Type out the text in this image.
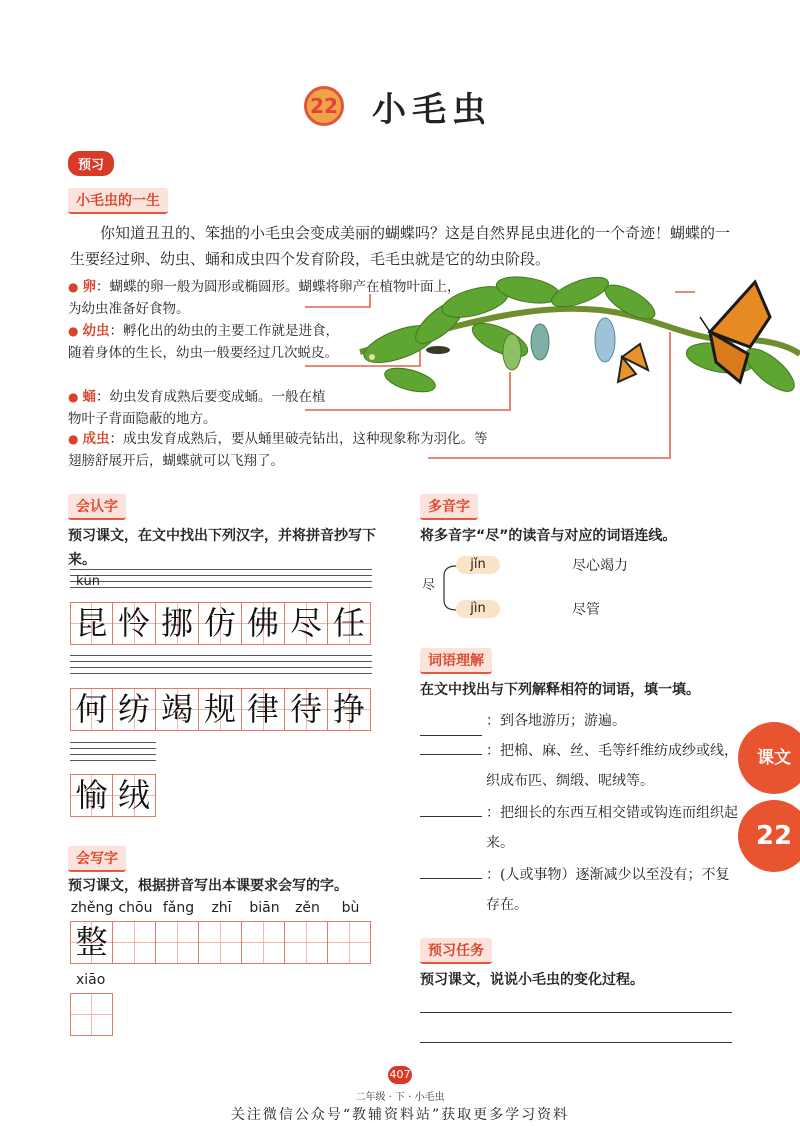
22 小毛虫
预习
小毛虫的一生
你知道丑丑的、笨拙的小毛虫会变成美丽的蝴蝶吗？这是自然界昆虫进化的一个奇迹！蝴蝶的一生要经过卵、幼虫、蛹和成虫四个发育阶段，毛毛虫就是它的幼虫阶段。
● 卵：蝴蝶的卵一般为圆形或椭圆形。蝴蝶将卵产在植物叶面上，为幼虫准备好食物。
● 幼虫：孵化出的幼虫的主要工作就是进食，随着身体的生长，幼虫一般要经过几次蜕皮。
● 蛹：幼虫发育成熟后要变成蛹。一般在植物叶子背面隐蔽的地方。
● 成虫：成虫发育成熟后，要从蛹里破壳钻出，这种现象称为羽化。等翅膀舒展开后，蝴蝶就可以飞翔了。
会认字
预习课文，在文中找出下列汉字，并将拼音抄写下来。
kūn
昆 怜 挪 仿 佛 尽 任
何 纺 竭 规 律 待 挣
愉 绒
会写字
预习课文，根据拼音写出本课要求会写的字。
zhěng chōu fǎng	zhī	biān	zěn	bù
整
xiāo
多音字
将多音字“尽”的读音与对应的词语连线。
尽
jǐn
jìn
尽心竭力
尽管
词语理解
在文中找出与下列解释相符的词语，填一填。
：到各地游历；游遍。
：把棉、麻、丝、毛等纤维纺成纱或线，织成布匹、绸缎、呢绒等。
：把细长的东西互相交错或钩连而组织起来。
：(人或事物）逐渐减少以至没有；不复存在。
预习任务
预习课文，说说小毛虫的变化过程。
课文
22
407
二年级 · 下 · 小毛虫
关注微信公众号“教辅资料站”获取更多学习资料
